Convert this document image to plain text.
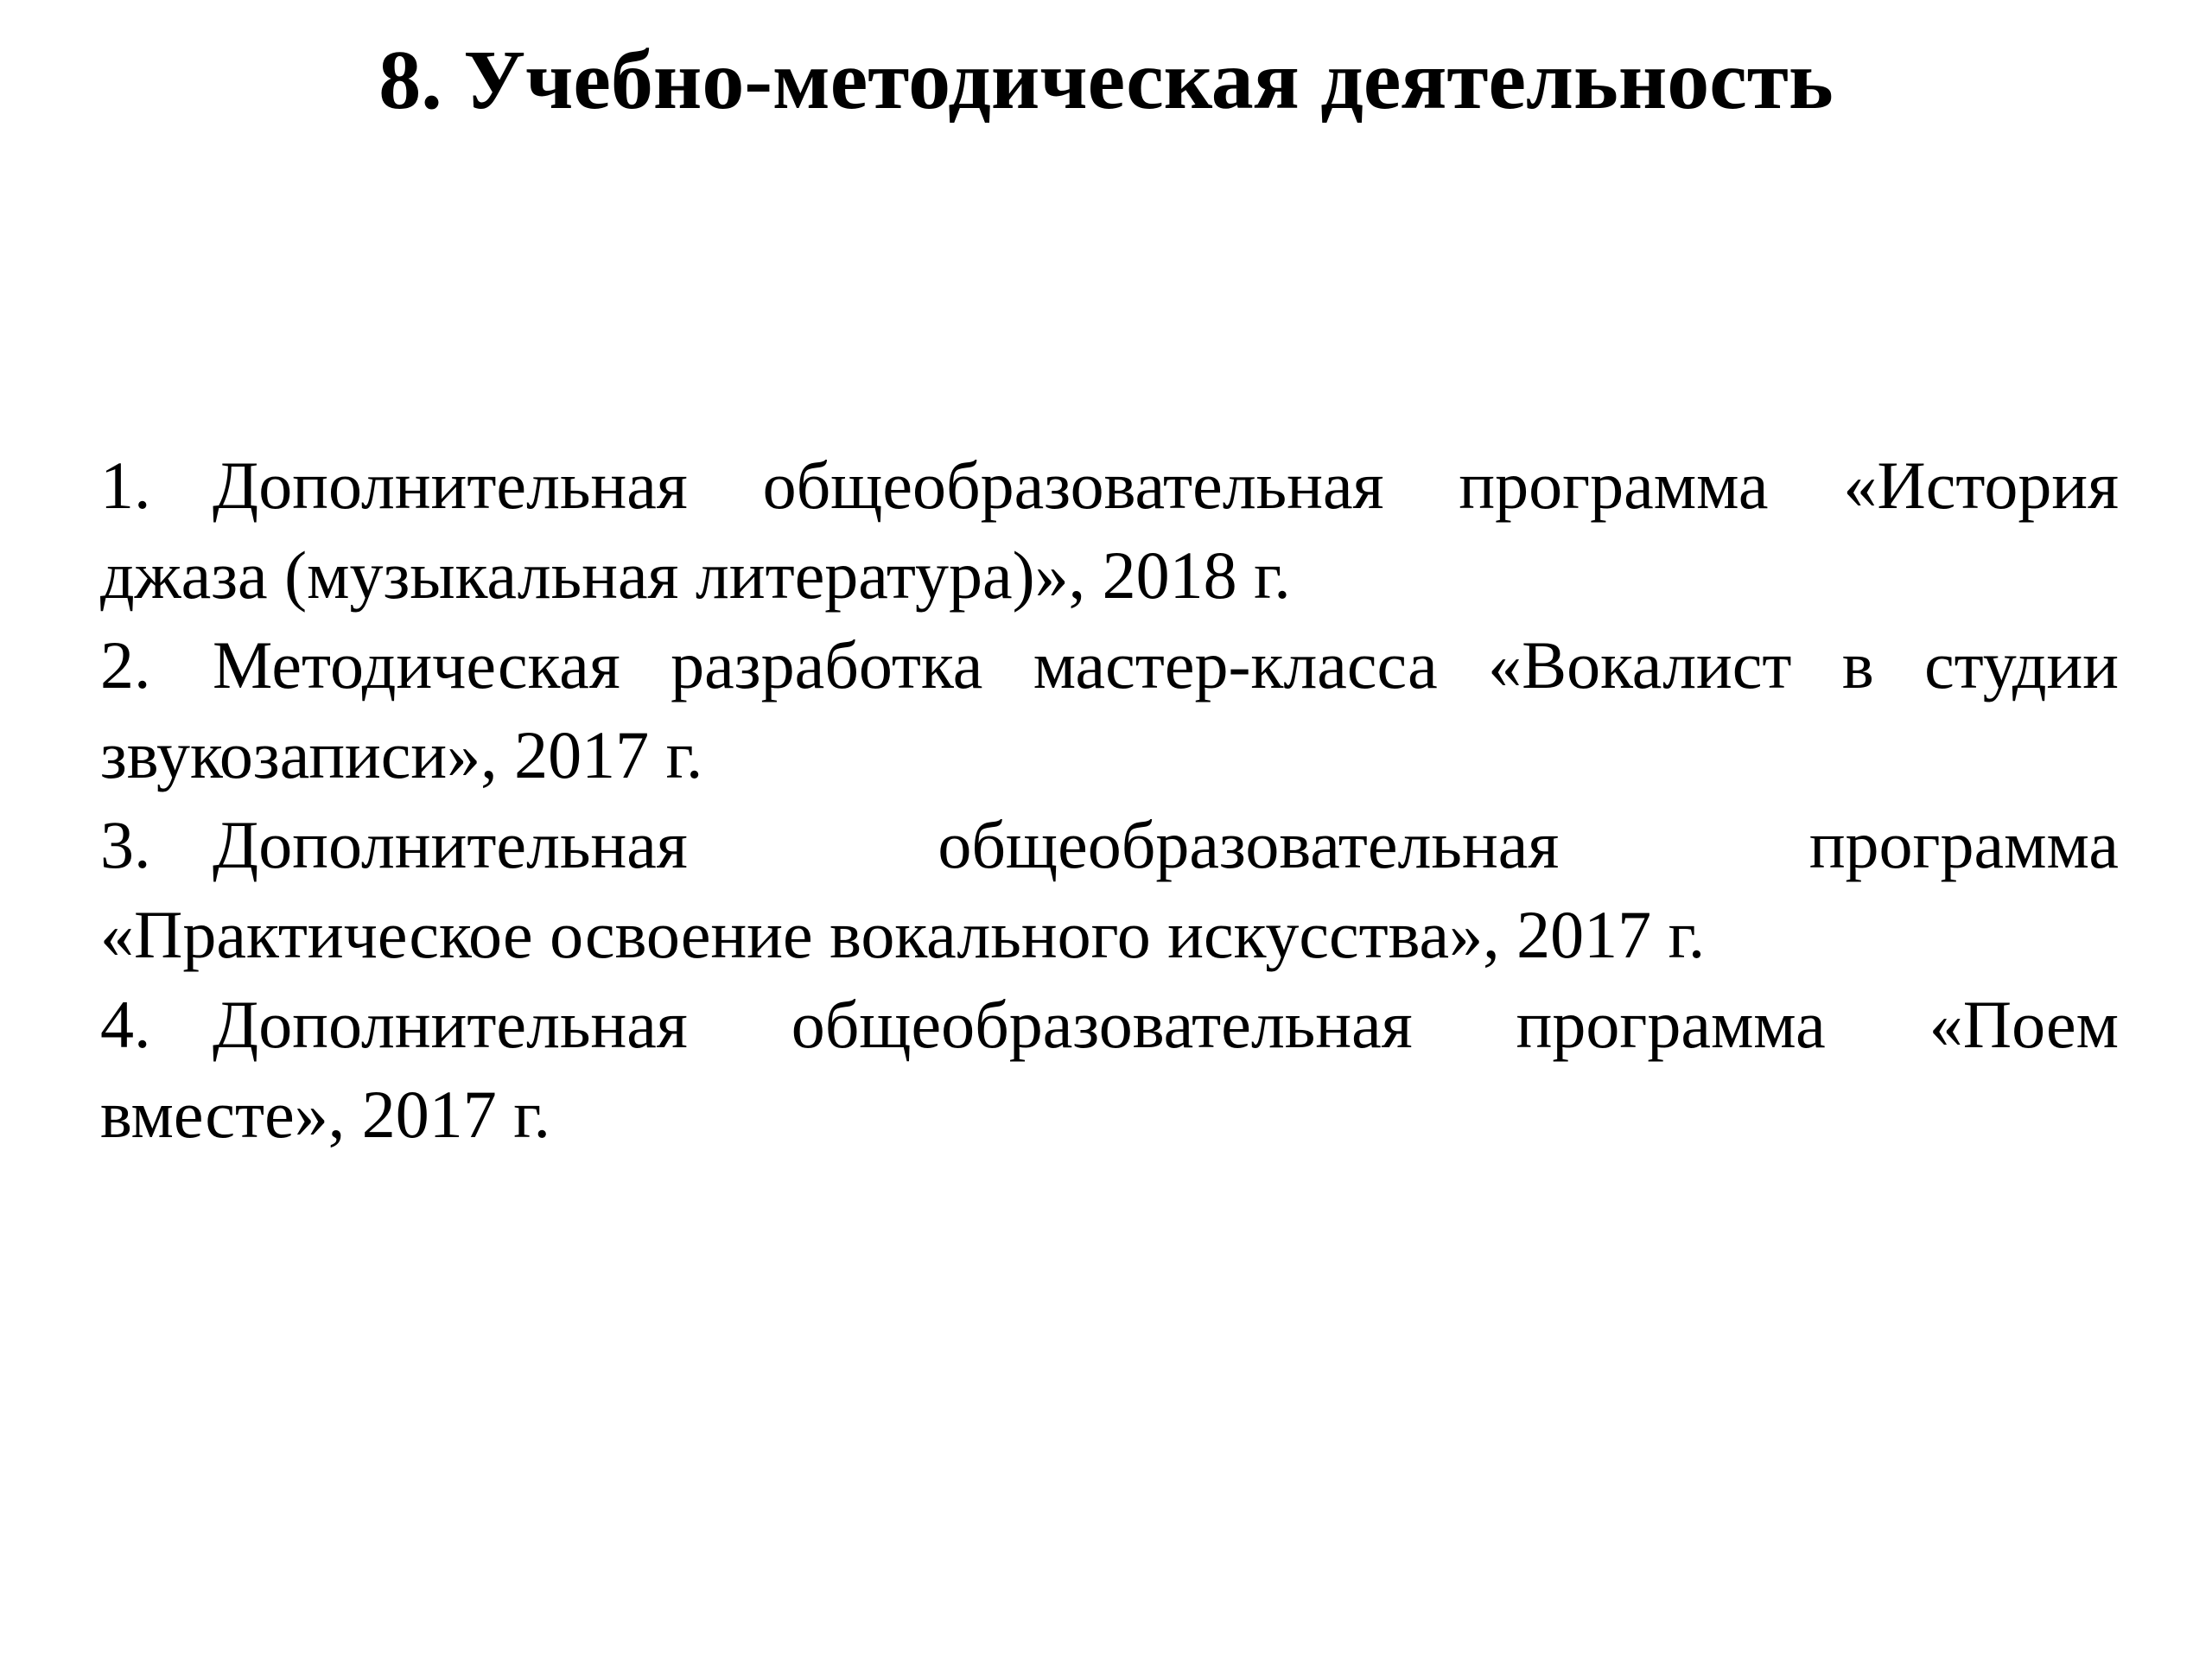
8. Учебно-методическая деятельность
1. Дополнительная общеобразовательная программа «История джаза (музыкальная литература)», 2018 г.
2. Методическая разработка мастер-класса «Вокалист в студии звукозаписи», 2017 г.
3. Дополнительная	общеобразовательная	программа
«Практическое освоение вокального искусства», 2017 г.
4. Дополнительная общеобразовательная программа «Поем
вместе», 2017 г.
